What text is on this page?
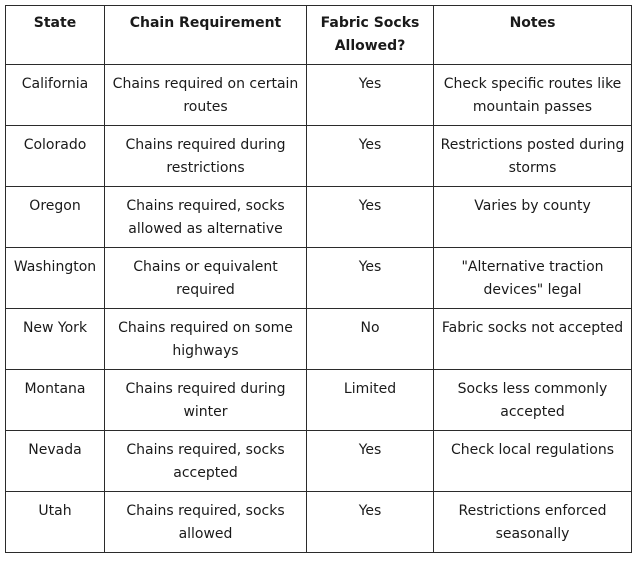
State	Chain Requirement	Fabric Socks Allowed?	Notes
California	Chains required on certain routes	Yes	Check specific routes like mountain passes
Colorado	Chains required during restrictions	Yes	Restrictions posted during storms
Oregon	Chains required, socks allowed as alternative	Yes	Varies by county
Washington	Chains or equivalent required	Yes	"Alternative traction devices" legal
New York	Chains required on some highways	No	Fabric socks not accepted
Montana	Chains required during winter	Limited	Socks less commonly accepted
Nevada	Chains required, socks accepted	Yes	Check local regulations
Utah	Chains required, socks allowed	Yes	Restrictions enforced seasonally
